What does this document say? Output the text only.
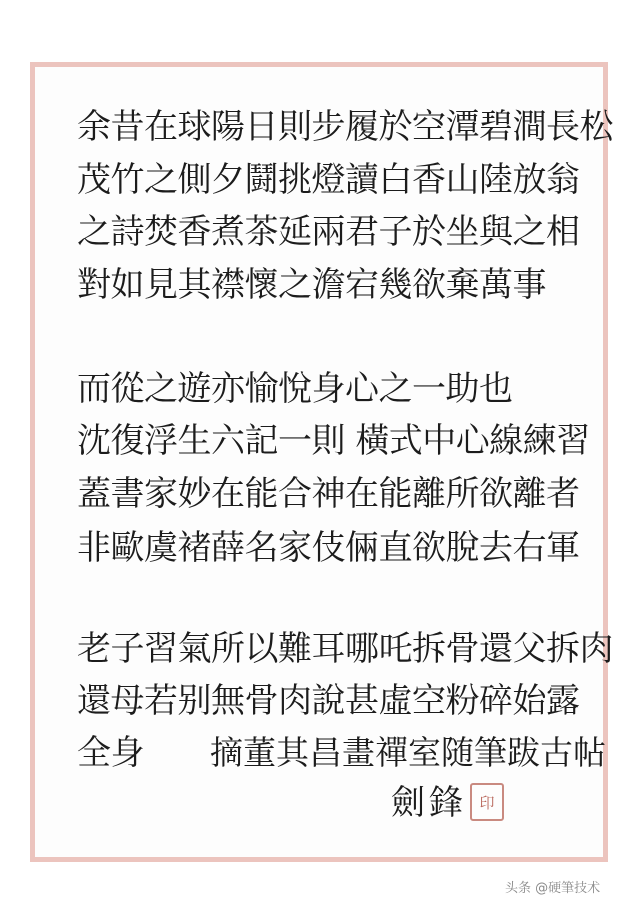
余昔在球陽日則步履於空潭碧澗長松
茂竹之側夕鬪挑燈讀白香山陸放翁
之詩焚香煮茶延兩君子於坐與之相
對如見其襟懷之澹宕幾欲棄萬事
而從之遊亦愉悅身心之一助也
沈復浮生六記一則 橫式中心線練習
蓋書家妙在能合神在能離所欲離者
非歐虞褚薛名家伎倆直欲脫去右軍
老子習氣所以難耳哪吒拆骨還父拆肉
還母若别無骨肉說甚虛空粉碎始露
全身 摘董其昌畫禪室随筆跋古帖
劍鋒 印
头条 @硬筆技术
